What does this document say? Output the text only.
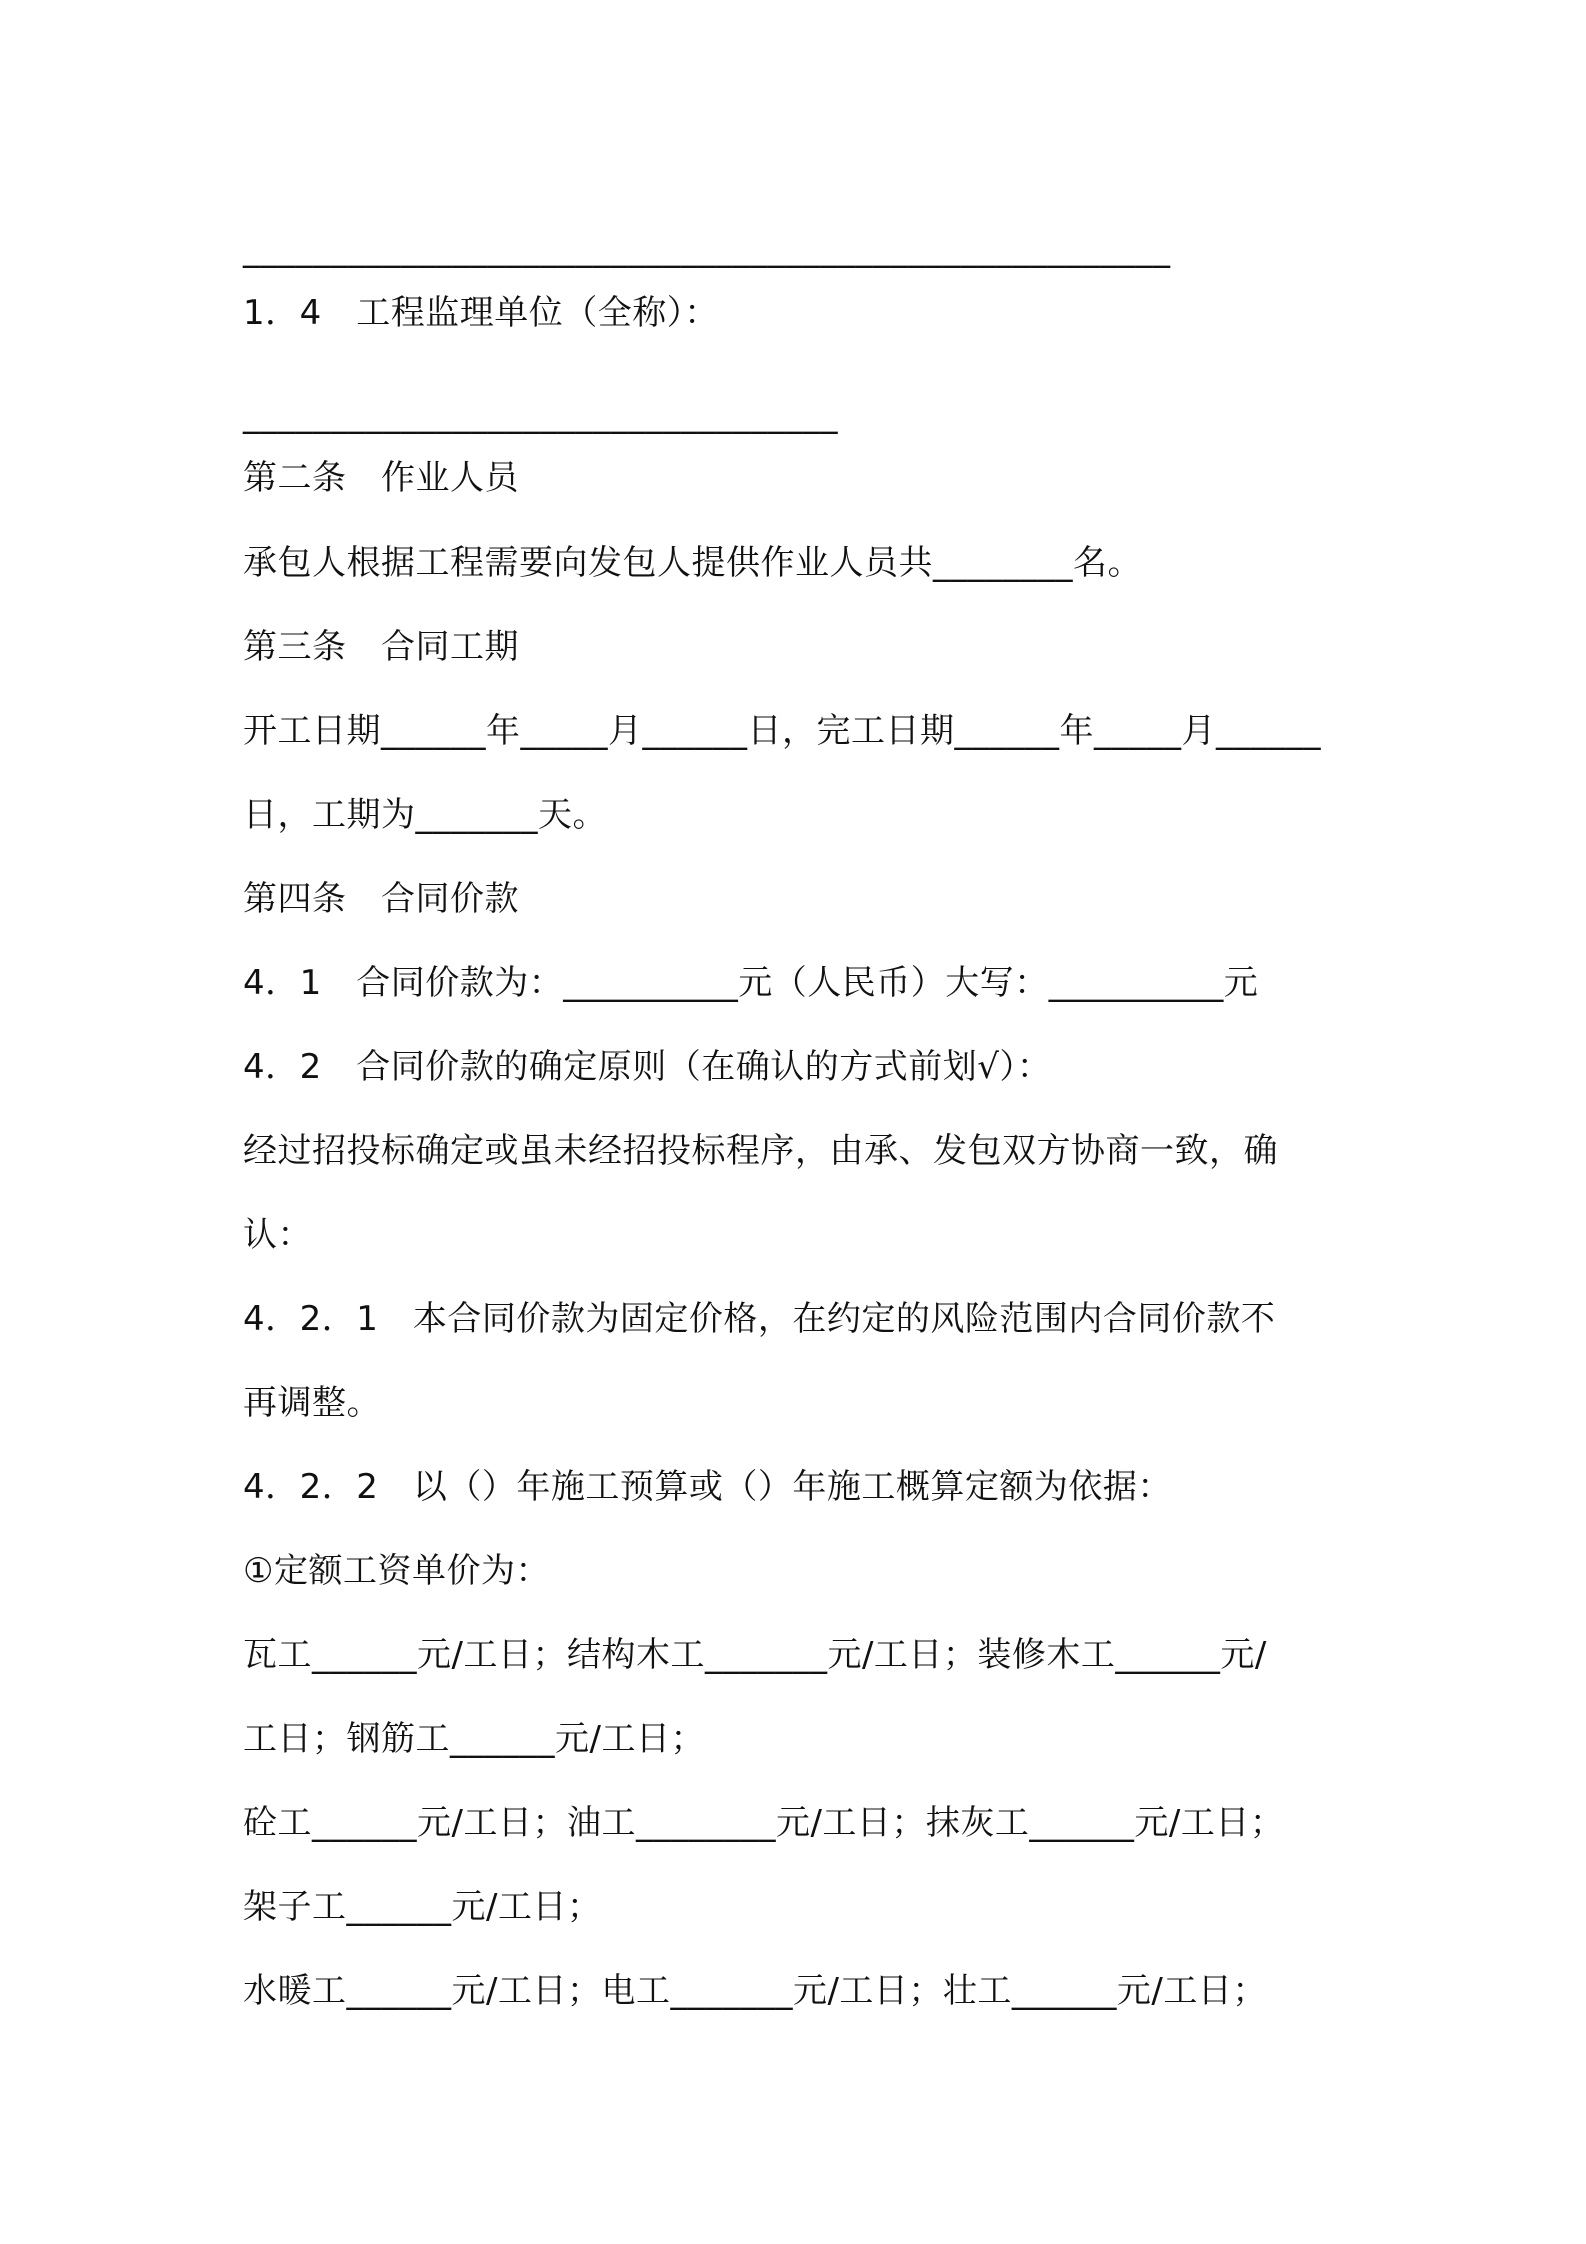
_____________________________________________________
1．4　工程监理单位（全称）：
__________________________________
第二条　作业人员
承包人根据工程需要向发包人提供作业人员共________名。
第三条　合同工期
开工日期______年_____月______日，完工日期______年_____月______
日，工期为_______天。
第四条　合同价款
4．1　合同价款为：__________元（人民币）大写：__________元
4．2　合同价款的确定原则（在确认的方式前划√）：
经过招投标确定或虽未经招投标程序，由承、发包双方协商一致，确
认：
4．2．1　本合同价款为固定价格，在约定的风险范围内合同价款不
再调整。
4．2．2　以（）年施工预算或（）年施工概算定额为依据：
①定额工资单价为：
瓦工______元/工日；结构木工_______元/工日；装修木工______元/
工日；钢筋工______元/工日；
砼工______元/工日；油工________元/工日；抹灰工______元/工日；
架子工______元/工日；
水暖工______元/工日；电工_______元/工日；壮工______元/工日；
